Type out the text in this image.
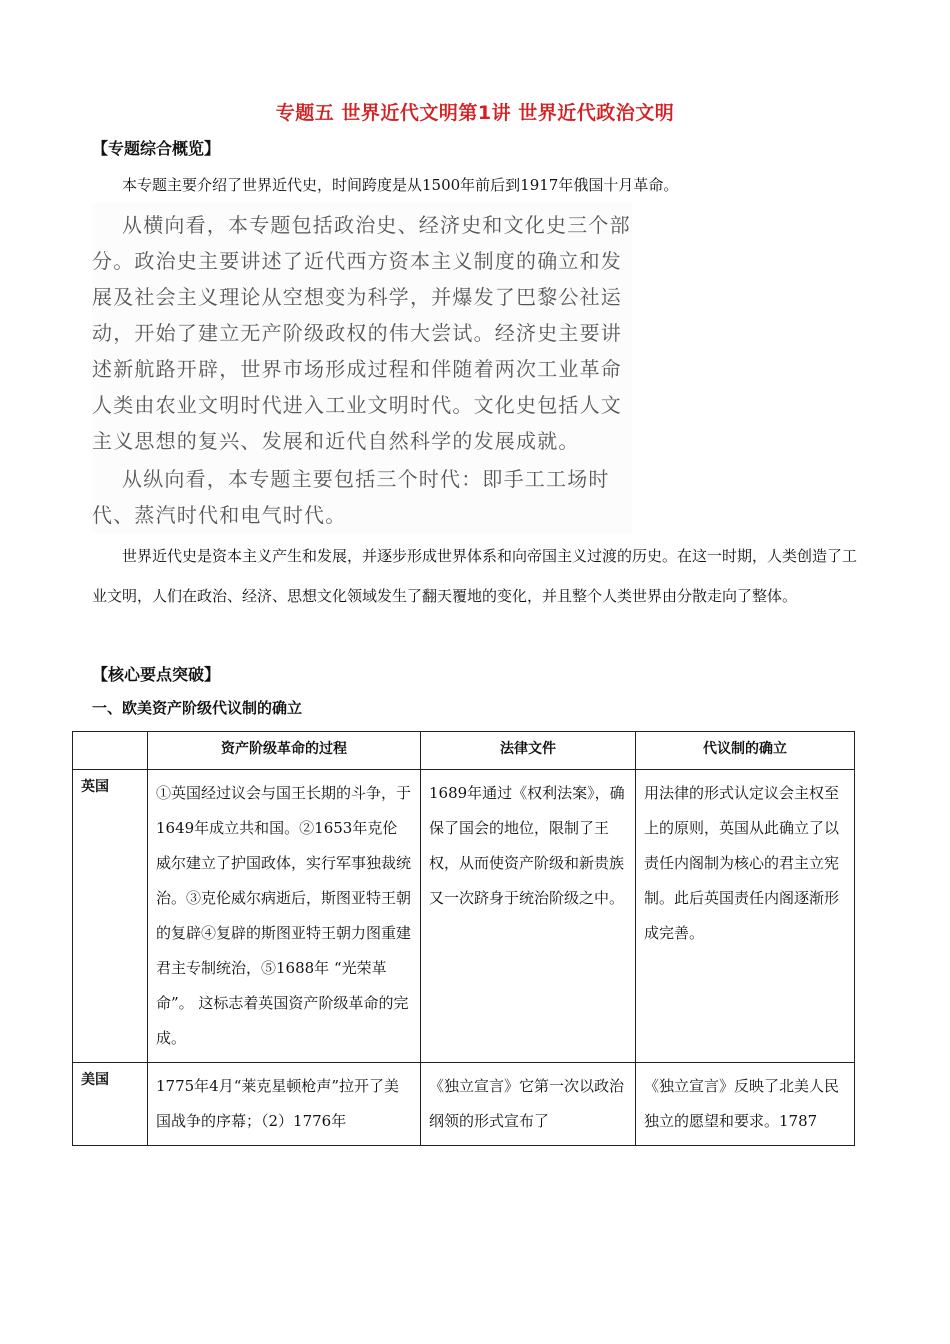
专题五 世界近代文明第1讲 世界近代政治文明
【专题综合概览】
本专题主要介绍了世界近代史，时间跨度是从1500年前后到1917年俄国十月革命。
从横向看，本专题包括政治史、经济史和文化史三个部
分。政治史主要讲述了近代西方资本主义制度的确立和发
展及社会主义理论从空想变为科学，并爆发了巴黎公社运
动，开始了建立无产阶级政权的伟大尝试。经济史主要讲
述新航路开辟，世界市场形成过程和伴随着两次工业革命
人类由农业文明时代进入工业文明时代。文化史包括人文
主义思想的复兴、发展和近代自然科学的发展成就。
从纵向看，本专题主要包括三个时代：即手工工场时
代、蒸汽时代和电气时代。
世界近代史是资本主义产生和发展，并逐步形成世界体系和向帝国主义过渡的历史。在这一时期，人类创造了工业文明，人们在政治、经济、思想文化领域发生了翻天覆地的变化，并且整个人类世界由分散走向了整体。
【核心要点突破】
一、欧美资产阶级代议制的确立
	资产阶级革命的过程	法律文件	代议制的确立
英国	①英国经过议会与国王长期的斗争，于1649年成立共和国。②1653年克伦威尔建立了护国政体，实行军事独裁统治。③克伦威尔病逝后，斯图亚特王朝的复辟④复辟的斯图亚特王朝力图重建君主专制统治，⑤1688年 “光荣革命”。 这标志着英国资产阶级革命的完成。	1689年通过《权利法案》，确保了国会的地位，限制了王权，从而使资产阶级和新贵族又一次跻身于统治阶级之中。	用法律的形式认定议会主权至上的原则，英国从此确立了以责任内阁制为核心的君主立宪制。此后英国责任内阁逐渐形成完善。

美国	1775年4月“莱克星顿枪声”拉开了美国战争的序幕；（2）1776年	《独立宣言》它第一次以政治纲领的形式宣布了	《独立宣言》反映了北美人民独立的愿望和要求。1787
